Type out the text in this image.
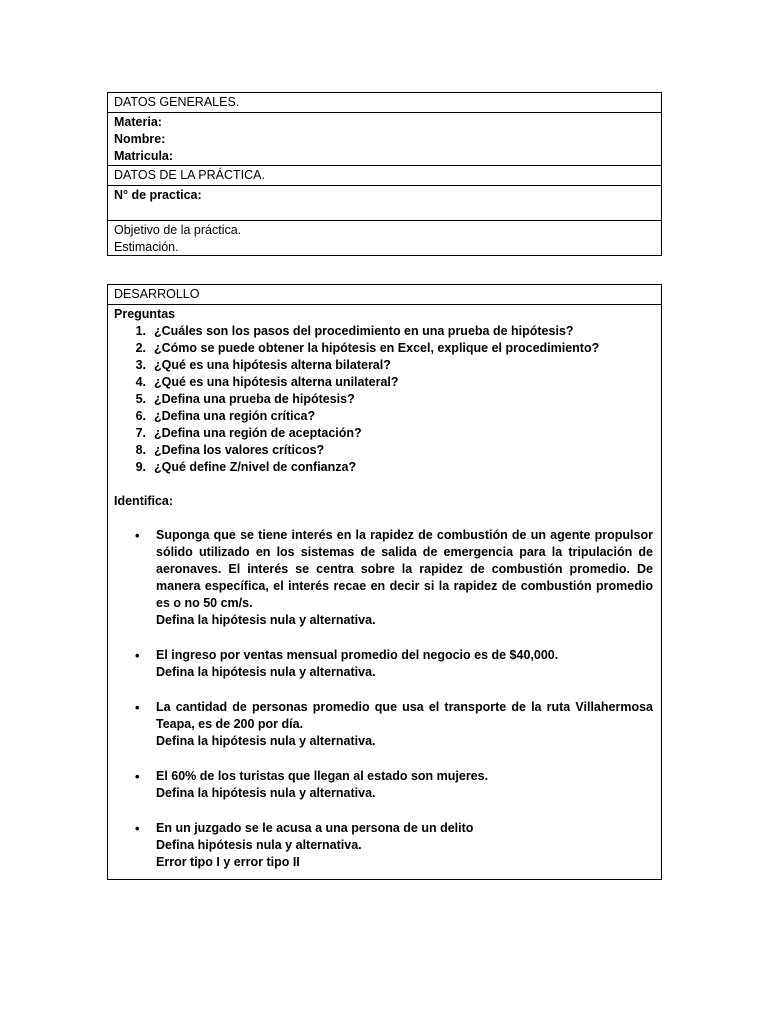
DATOS GENERALES.
Materia:
Nombre:
Matricula:
DATOS DE LA PRÁCTICA.
N° de practica:
Objetivo de la práctica.
Estimación.
DESARROLLO
Preguntas
1. ¿Cuáles son los pasos del procedimiento en una prueba de hipótesis?
2. ¿Cómo se puede obtener la hipótesis en Excel, explique el procedimiento?
3. ¿Qué es una hipótesis alterna bilateral?
4. ¿Qué es una hipótesis alterna unilateral?
5. ¿Defina una prueba de hipótesis?
6. ¿Defina una región crítica?
7. ¿Defina una región de aceptación?
8. ¿Defina los valores críticos?
9. ¿Qué define Z/nivel de confianza?
Identifica:
•	Suponga que se tiene interés en la rapidez de combustión de un agente propulsor sólido utilizado en los sistemas de salida de emergencia para la tripulación de aeronaves. El interés se centra sobre la rapidez de combustión promedio. De manera específica, el interés recae en decir si la rapidez de combustión promedio es o no 50 cm/s.
Defina la hipótesis nula y alternativa.
•	El ingreso por ventas mensual promedio del negocio es de $40,000.
Defina la hipótesis nula y alternativa.
•	La cantidad de personas promedio que usa el transporte de la ruta Villahermosa Teapa, es de 200 por día.
Defina la hipótesis nula y alternativa.
•	El 60% de los turistas que llegan al estado son mujeres.
Defina la hipótesis nula y alternativa.
•	En un juzgado se le acusa a una persona de un delito
Defina hipótesis nula y alternativa.
Error tipo I y error tipo II
